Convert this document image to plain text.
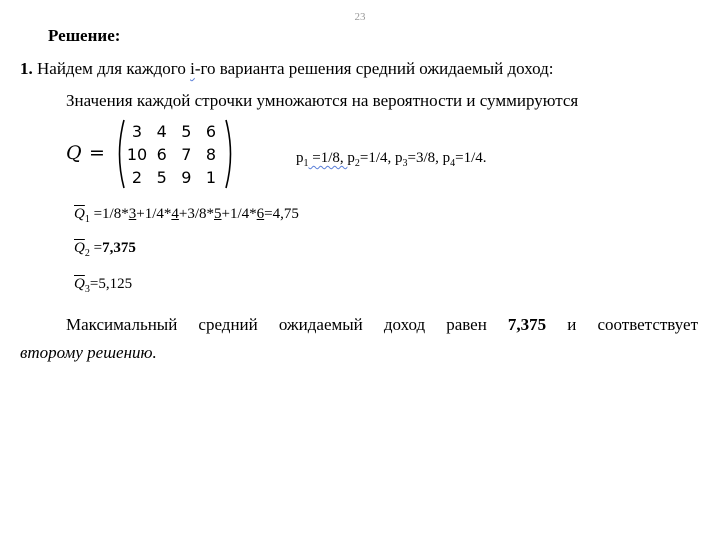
23
Решение:
1. Найдем для каждого i-го варианта решения средний ожидаемый доход:
Значения каждой строчки умножаются на вероятности и суммируются
Q =
3 4 5 6
10 6 7 8
2 5 9 1
$p_1 =1/8$, $p_2=1/4$, $p_3=3/8$, $p_4=1/4$.
$\overline{Q}_1 =1/8*3+1/4*4+3/8*5+1/4*6=4,75$
$\overline{Q}_2 =7,375$
$\overline{Q}_3=5,125$
Максимальный средний ожидаемый доход равен 7,375 и соответствует
второму решению.
